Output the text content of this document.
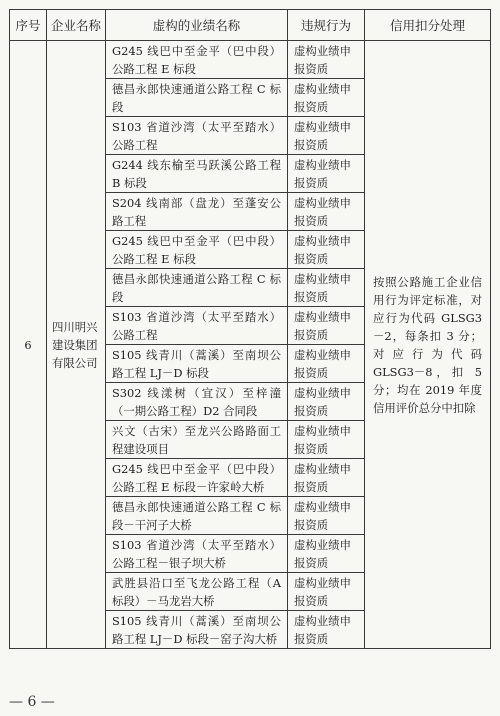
序号	企业名称	虚构的业绩名称	违规行为	信用扣分处理
6	四川明兴建设集团有限公司	G245 线巴中至金平（巴中段）公路工程 E 标段	虚构业绩申报资质	按照公路施工企业信用行为评定标准，对应行为代码 GLSG3－2，每条扣 3 分；对应行为代码 GLSG3－8，扣 5 分；均在 2019 年度信用评价总分中扣除
		德昌永郎快速通道公路工程 C 标段	虚构业绩申报资质	
		S103 省道沙湾（太平至踏水）公路工程	虚构业绩申报资质	
		G244 线东榆至马跃溪公路工程 B 标段	虚构业绩申报资质	
		S204 线南部（盘龙）至蓬安公路工程	虚构业绩申报资质	
		G245 线巴中至金平（巴中段）公路工程 E 标段	虚构业绩申报资质	
		德昌永郎快速通道公路工程 C 标段	虚构业绩申报资质	
		S103 省道沙湾（太平至踏水）公路工程	虚构业绩申报资质	
		S105 线青川（蒿溪）至南坝公路工程 LJ－D 标段	虚构业绩申报资质	
		S302 线漾树（宜汉）至梓潼（一期公路工程）D2 合同段	虚构业绩申报资质	
		兴文（古宋）至龙兴公路路面工程建设项目	虚构业绩申报资质	
		G245 线巴中至金平（巴中段）公路工程 E 标段－许家岭大桥	虚构业绩申报资质	
		德昌永郎快速通道公路工程 C 标段－干河子大桥	虚构业绩申报资质	
		S103 省道沙湾（太平至踏水）公路工程－银子坝大桥	虚构业绩申报资质	
		武胜县沿口至飞龙公路工程（A 标段）－马龙岩大桥	虚构业绩申报资质	
		S105 线青川（蒿溪）至南坝公路工程 LJ－D 标段－窑子沟大桥	虚构业绩申报资质	
— 6 —
